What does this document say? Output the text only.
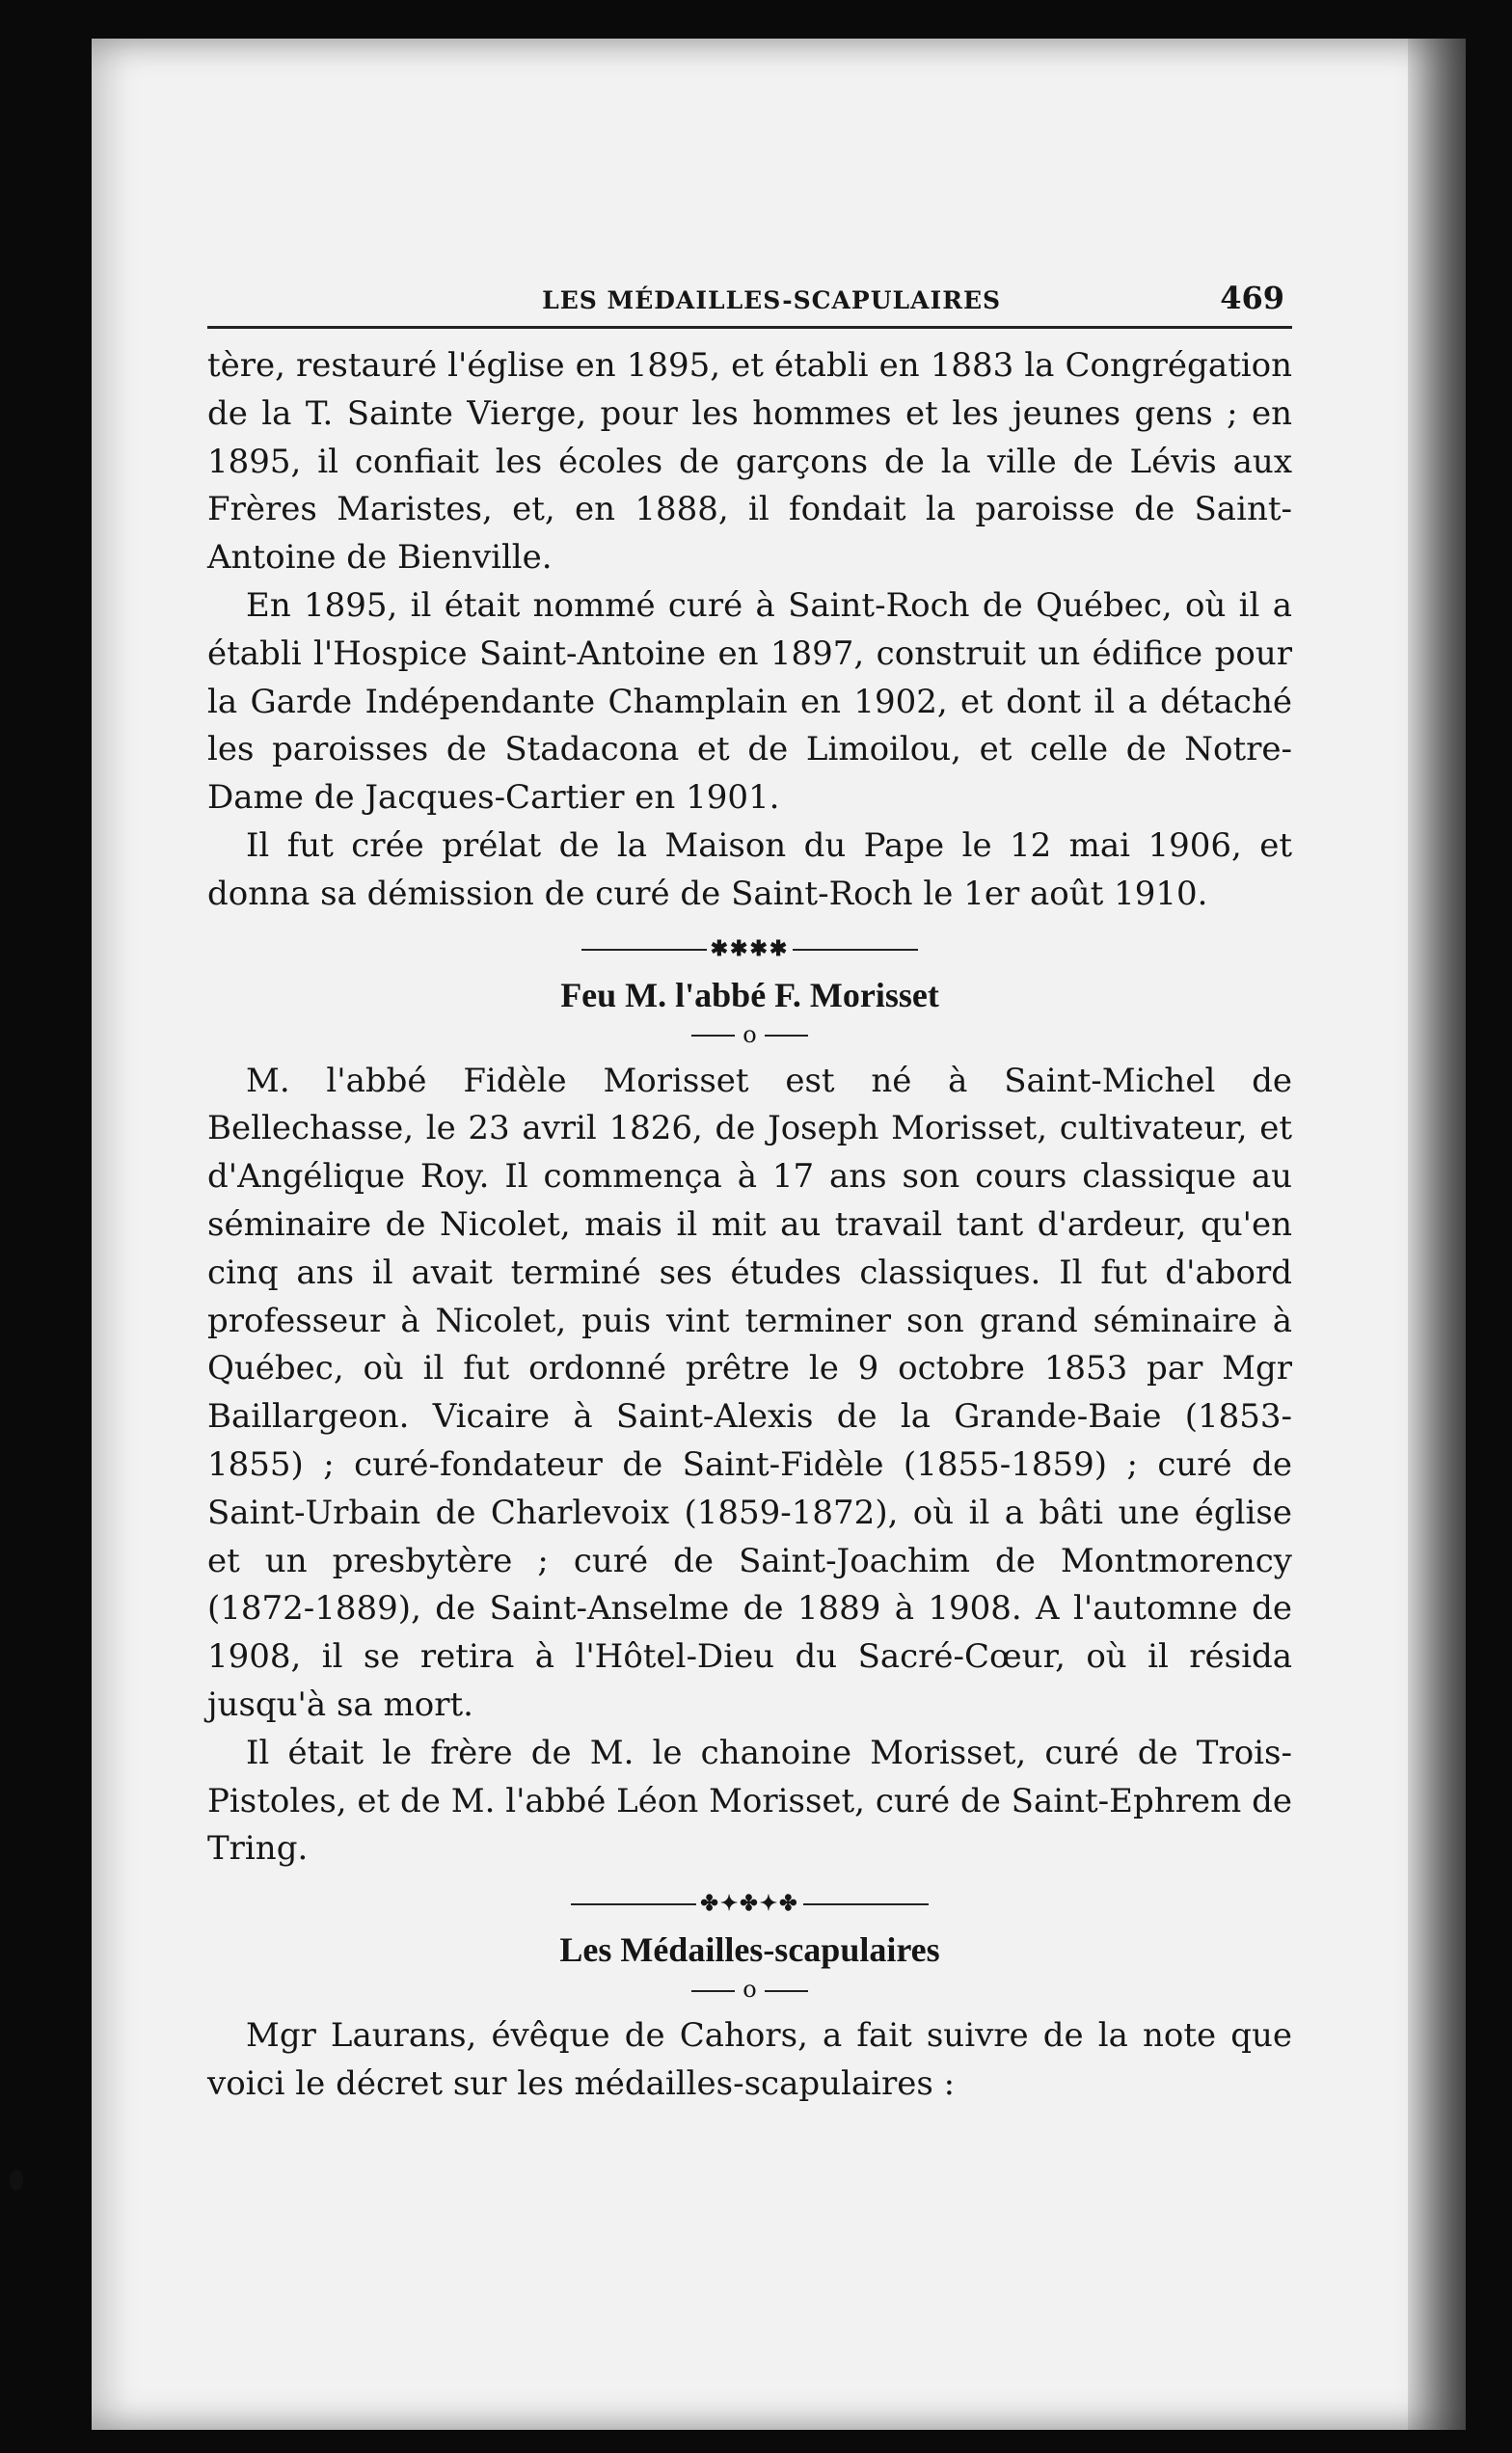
LES MÉDAILLES-SCAPULAIRES	469

tère, restauré l'église en 1895, et établi en 1883 la Congrégation de la T. Sainte Vierge, pour les hommes et les jeunes gens ; en 1895, il confiait les écoles de garçons de la ville de Lévis aux Frères Maristes, et, en 1888, il fondait la paroisse de Saint-Antoine de Bienville.

En 1895, il était nommé curé à Saint-Roch de Québec, où il a établi l'Hospice Saint-Antoine en 1897, construit un édifice pour la Garde Indépendante Champlain en 1902, et dont il a détaché les paroisses de Stadacona et de Limoilou, et celle de Notre-Dame de Jacques-Cartier en 1901.

Il fut crée prélat de la Maison du Pape le 12 mai 1906, et donna sa démission de curé de Saint-Roch le 1er août 1910.

✱✱✱✱
Feu M. l'abbé F. Morisset
o

M. l'abbé Fidèle Morisset est né à Saint-Michel de Bellechasse, le 23 avril 1826, de Joseph Morisset, cultivateur, et d'Angélique Roy. Il commença à 17 ans son cours classique au séminaire de Nicolet, mais il mit au travail tant d'ardeur, qu'en cinq ans il avait terminé ses études classiques. Il fut d'abord professeur à Nicolet, puis vint terminer son grand séminaire à Québec, où il fut ordonné prêtre le 9 octobre 1853 par Mgr Baillargeon. Vicaire à Saint-Alexis de la Grande-Baie (1853-1855) ; curé-fondateur de Saint-Fidèle (1855-1859) ; curé de Saint-Urbain de Charlevoix (1859-1872), où il a bâti une église et un presbytère ; curé de Saint-Joachim de Montmorency (1872-1889), de Saint-Anselme de 1889 à 1908. A l'automne de 1908, il se retira à l'Hôtel-Dieu du Sacré-Cœur, où il résida jusqu'à sa mort.

Il était le frère de M. le chanoine Morisset, curé de Trois-Pistoles, et de M. l'abbé Léon Morisset, curé de Saint-Ephrem de Tring.

✤✦✤✦✤
Les Médailles-scapulaires
o

Mgr Laurans, évêque de Cahors, a fait suivre de la note que voici le décret sur les médailles-scapulaires :
